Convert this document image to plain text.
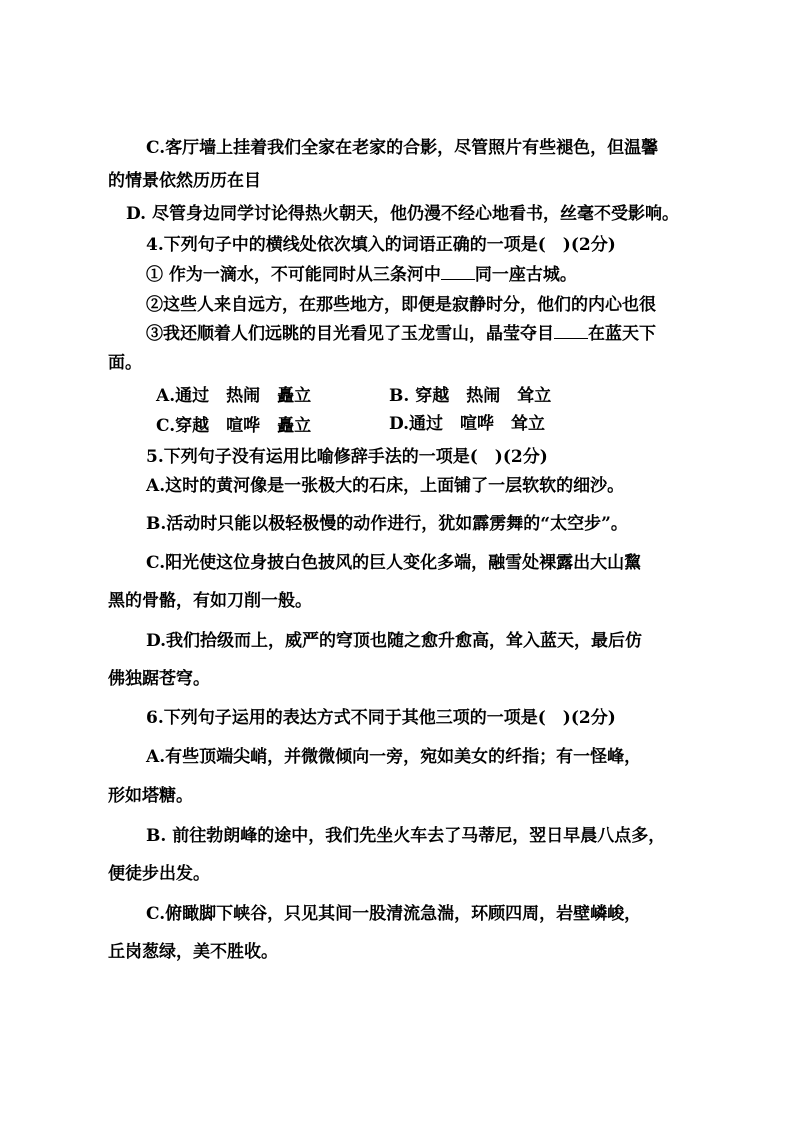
C.客厅墙上挂着我们全家在老家的合影，尽管照片有些褪色，但温馨
的情景依然历历在目
D. 尽管身边同学讨论得热火朝天，他仍漫不经心地看书，丝毫不受影响。
4.下列句子中的横线处依次填入的词语正确的一项是(　)(2分)
① 作为一滴水，不可能同时从三条河中 同一座古城。
②这些人来自远方，在那些地方，即便是寂静时分，他们的内心也很
③我还顺着人们远眺的目光看见了玉龙雪山，晶莹夺目 在蓝天下
面。
A.通过　热闹　矗立	B. 穿越　热闹　耸立
C.穿越　喧哗　矗立	D.通过　喧哗　耸立
5.下列句子没有运用比喻修辞手法的一项是(　)(2分)
A.这时的黄河像是一张极大的石床，上面铺了一层软软的细沙。
B.活动时只能以极轻极慢的动作进行，犹如霹雳舞的“太空步”。
C.阳光使这位身披白色披风的巨人变化多端，融雪处裸露出大山黧
黑的骨骼，有如刀削一般。
D.我们拾级而上，威严的穹顶也随之愈升愈高，耸入蓝天，最后仿
佛独踞苍穹。
6.下列句子运用的表达方式不同于其他三项的一项是(　)(2分)
A.有些顶端尖峭，并微微倾向一旁，宛如美女的纤指；有一怪峰，
形如塔糖。
B. 前往勃朗峰的途中，我们先坐火车去了马蒂尼，翌日早晨八点多，
便徒步出发。
C.俯瞰脚下峡谷，只见其间一股清流急湍，环顾四周，岩壁嶙峻，
丘岗葱绿，美不胜收。
